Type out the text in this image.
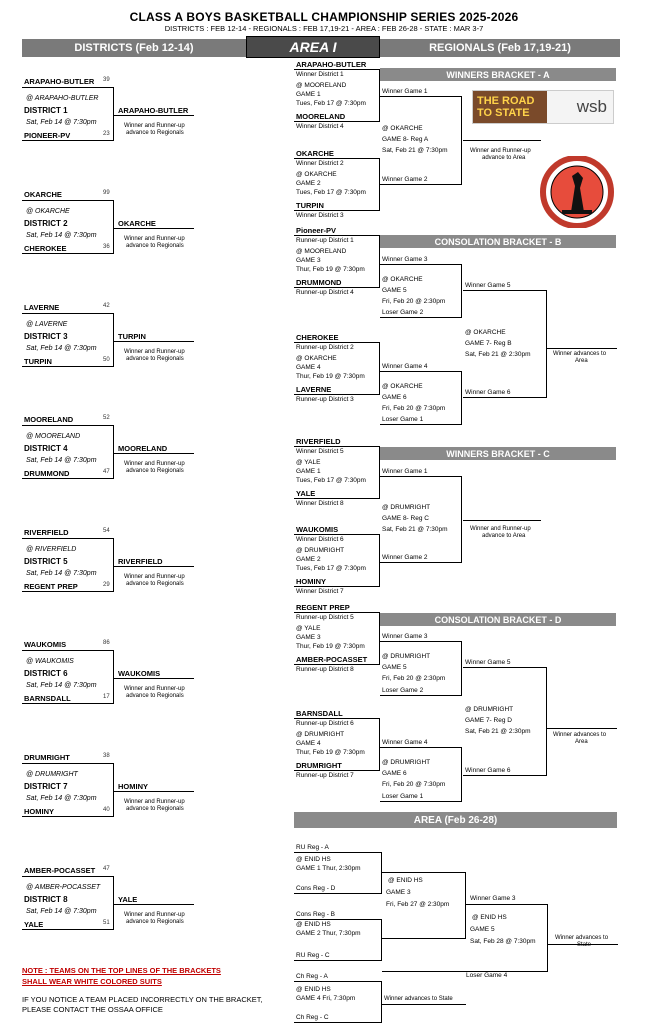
CLASS A BOYS BASKETBALL CHAMPIONSHIP SERIES 2025-2026
DISTRICTS : FEB 12-14 - REGIONALS : FEB 17,19-21 - AREA : FEB 26-28 - STATE : MAR 3-7
DISTRICTS (Feb 12-14)	REGIONALS (Feb 17,19-21)
AREA I
ARAPAHO-BUTLER 39
@ ARAPAHO-BUTLER
DISTRICT 1
Sat, Feb 14 @ 7:30pm
PIONEER-PV	23
ARAPAHO-BUTLER
Winner and Runner-up
advance to Regionals
OKARCHE	99
@ OKARCHE
DISTRICT 2
Sat, Feb 14 @ 7:30pm
CHEROKEE	36
OKARCHE
Winner and Runner-up
advance to Regionals
LAVERNE	42
@ LAVERNE
DISTRICT 3
Sat, Feb 14 @ 7:30pm
TURPIN	50
TURPIN
Winner and Runner-up
advance to Regionals
MOORELAND	52
@ MOORELAND
DISTRICT 4
Sat, Feb 14 @ 7:30pm
DRUMMOND	47
MOORELAND
Winner and Runner-up
advance to Regionals
RIVERFIELD	54
@ RIVERFIELD
DISTRICT 5
Sat, Feb 14 @ 7:30pm
REGENT PREP	29
RIVERFIELD
Winner and Runner-up
advance to Regionals
WAUKOMIS	86
@ WAUKOMIS
DISTRICT 6
Sat, Feb 14 @ 7:30pm
BARNSDALL	17
WAUKOMIS
Winner and Runner-up
advance to Regionals
DRUMRIGHT	38
@ DRUMRIGHT
DISTRICT 7
Sat, Feb 14 @ 7:30pm
HOMINY	40
HOMINY
Winner and Runner-up
advance to Regionals
AMBER-POCASSET 47
@ AMBER-POCASSET
DISTRICT 8
Sat, Feb 14 @ 7:30pm
YALE	51
YALE
Winner and Runner-up
advance to Regionals
WINNERS BRACKET - A
ARAPAHO-BUTLER
Winner District 1
@ MOORELAND
GAME 1
Tues, Feb 17 @ 7:30pm
MOORELAND
Winner District 4
OKARCHE
Winner District 2
@ OKARCHE
GAME 2
Tues, Feb 17 @ 7:30pm
TURPIN
Winner District 3
Winner Game 1
@ OKARCHE
GAME 8- Reg A
Sat, Feb 21 @ 7:30pm
Winner Game 2
Winner and Runner-up
advance to Area
CONSOLATION BRACKET - B
Pioneer-PV
Runner-up District 1
@ MOORELAND
GAME 3
Thur, Feb 19 @ 7:30pm
DRUMMOND
Runner-up District 4
Winner Game 3
@ OKARCHE
GAME 5
Fri, Feb 20 @ 2:30pm
Loser Game 2
CHEROKEE
Runner-up District 2
@ OKARCHE
GAME 4
Thur, Feb 19 @ 7:30pm
LAVERNE
Runner-up District 3
Winner Game 4
@ OKARCHE
GAME 6
Fri, Feb 20 @ 7:30pm
Loser Game 1
Winner Game 5
@ OKARCHE
GAME 7- Reg B
Sat, Feb 21 @ 2:30pm
Winner Game 6
Winner advances to
Area
WINNERS BRACKET - C
RIVERFIELD
Winner District 5
@ YALE
GAME 1
Tues, Feb 17 @ 7:30pm
YALE
Winner District 8
WAUKOMIS
Winner District 6
@ DRUMRIGHT
GAME 2
Tues, Feb 17 @ 7:30pm
HOMINY
Winner District 7
Winner Game 1
@ DRUMRIGHT
GAME 8- Reg C
Sat, Feb 21 @ 7:30pm
Winner Game 2
Winner and Runner-up
advance to Area
CONSOLATION BRACKET - D
REGENT PREP
Runner-up District 5
@ YALE
GAME 3
Thur, Feb 19 @ 7:30pm
AMBER-POCASSET
Runner-up District 8
Winner Game 3
@ DRUMRIGHT
GAME 5
Fri, Feb 20 @ 2:30pm
Loser Game 2
BARNSDALL
Runner-up District 6
@ DRUMRIGHT
GAME 4
Thur, Feb 19 @ 7:30pm
DRUMRIGHT
Runner-up District 7
Winner Game 4
@ DRUMRIGHT
GAME 6
Fri, Feb 20 @ 7:30pm
Loser Game 1
Winner Game 5
@ DRUMRIGHT
GAME 7- Reg D
Sat, Feb 21 @ 2:30pm
Winner Game 6
Winner advances to
Area
AREA (Feb 26-28)
RU Reg - A
@ ENID HS
GAME 1 Thur, 2:30pm
Cons Reg - D
Cons Reg - B
@ ENID HS
GAME 2 Thur, 7:30pm
RU Reg - C
@ ENID HS
GAME 3
Fri, Feb 27 @ 2:30pm
Winner Game 3
@ ENID HS
GAME 5
Sat, Feb 28 @ 7:30pm
Loser Game 4
Winner advances to
State
Ch Reg - A
@ ENID HS
GAME 4 Fri, 7:30pm
Ch Reg - C
Winner advances to State
THE ROAD
TO STATE	wsb
NOTE : TEAMS ON THE TOP LINES OF THE BRACKETS
SHALL WEAR WHITE COLORED SUITS
IF YOU NOTICE A TEAM PLACED INCORRECTLY ON THE BRACKET,
PLEASE CONTACT THE OSSAA OFFICE
